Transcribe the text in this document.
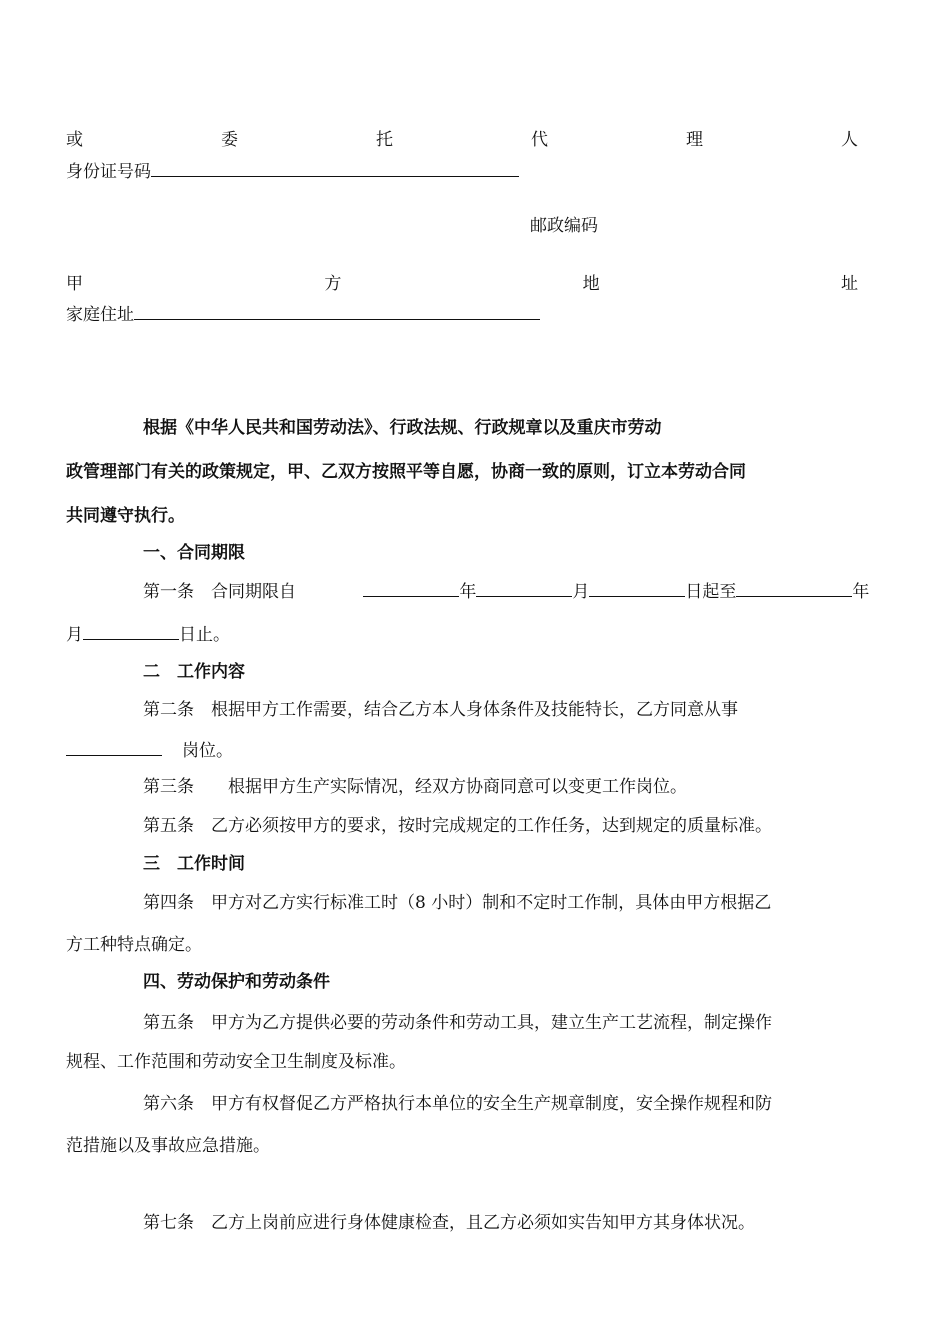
或	委	托	代	理	人
身份证号码
邮政编码
甲	方	地	址
家庭住址
根据《中华人民共和国劳动法》、行政法规、行政规章以及重庆市劳动
政管理部门有关的政策规定，甲、乙双方按照平等自愿，协商一致的原则，订立本劳动合同
共同遵守执行。
一、合同期限
第一条　合同期限自	年	月	日起至	年
月	日止。
二　工作内容
第二条　根据甲方工作需要，结合乙方本人身体条件及技能特长，乙方同意从事
岗位。
第三条　　根据甲方生产实际情况，经双方协商同意可以变更工作岗位。
第五条　乙方必须按甲方的要求，按时完成规定的工作任务，达到规定的质量标准。
三　工作时间
第四条　甲方对乙方实行标准工时（8 小时）制和不定时工作制，具体由甲方根据乙
方工种特点确定。
四、劳动保护和劳动条件
第五条　甲方为乙方提供必要的劳动条件和劳动工具，建立生产工艺流程，制定操作
规程、工作范围和劳动安全卫生制度及标准。
第六条　甲方有权督促乙方严格执行本单位的安全生产规章制度，安全操作规程和防
范措施以及事故应急措施。
第七条　乙方上岗前应进行身体健康检查，且乙方必须如实告知甲方其身体状况。
